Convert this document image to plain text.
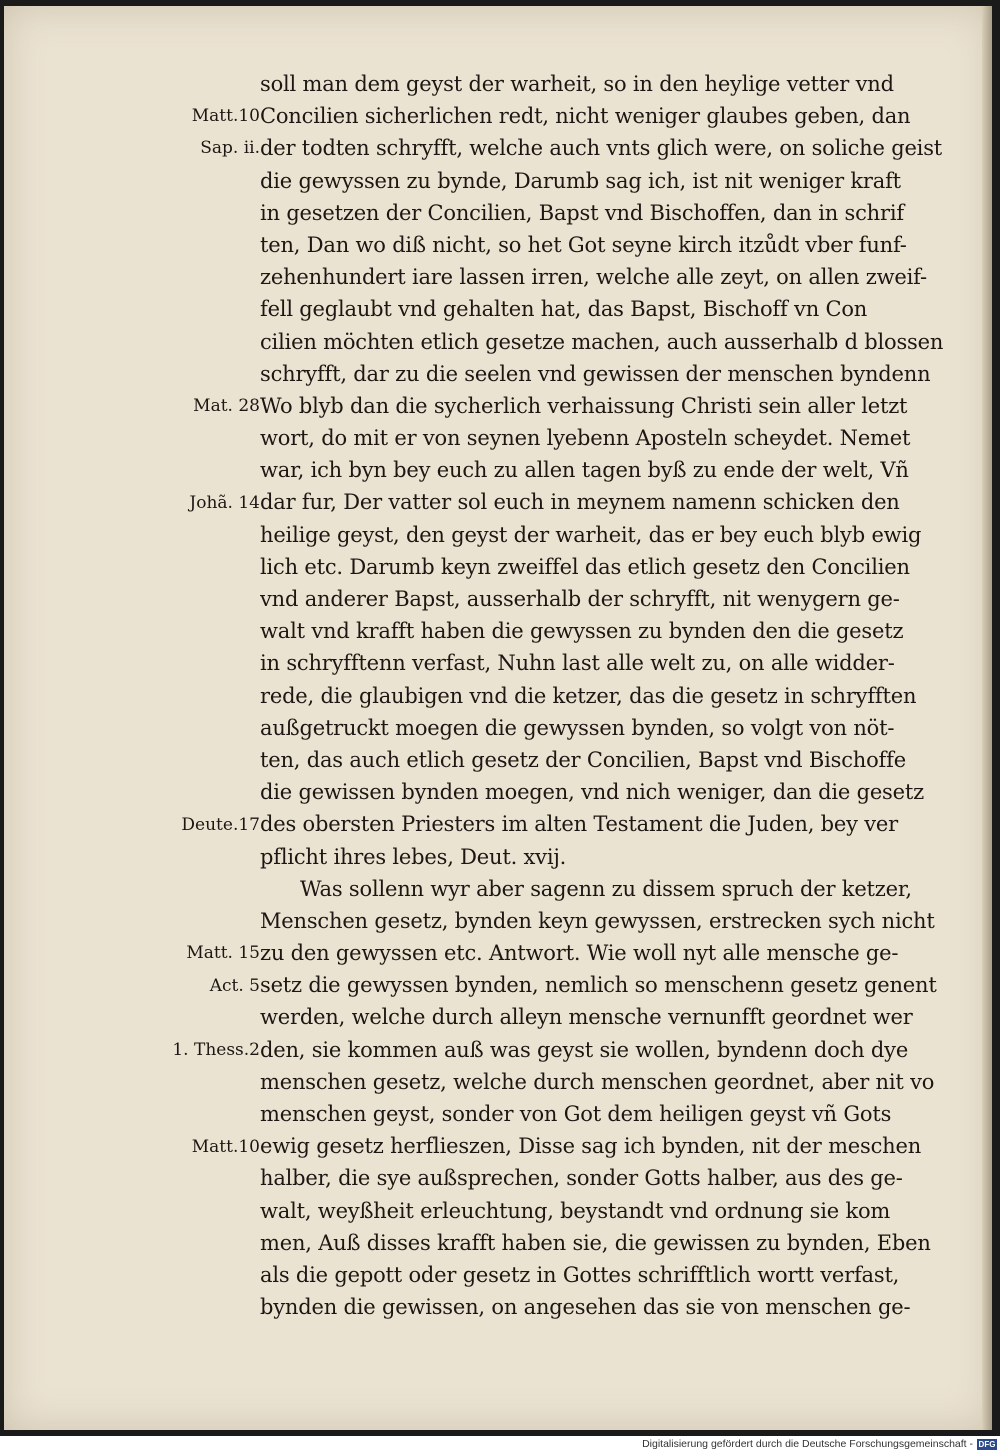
Matt.10
Sap. ii.
Mat. 28
Johã. 14
Deute.17
Matt. 15
Act. 5
1. Thess.2
Matt.10
soll man dem geyst der warheit, so in den heylige vetter vnd
Concilien sicherlichen redt, nicht weniger glaubes geben, dan
der todten schryfft, welche auch vnts glich were, on soliche geist
die gewyssen zu bynde, Darumb sag ich, ist nit weniger kraft
in gesetzen der Concilien, Bapst vnd Bischoffen, dan in schrif
ten, Dan wo diß nicht, so het Got seyne kirch itzůdt vber funf-
zehenhundert iare lassen irren, welche alle zeyt, on allen zweif-
fell geglaubt vnd gehalten hat, das Bapst, Bischoff vn Con
cilien möchten etlich gesetze machen, auch ausserhalb d blossen
schryfft, dar zu die seelen vnd gewissen der menschen byndenn
Wo blyb dan die sycherlich verhaissung Christi sein aller letzt
wort, do mit er von seynen lyebenn Aposteln scheydet. Nemet
war, ich byn bey euch zu allen tagen byß zu ende der welt, Vñ
dar fur, Der vatter sol euch in meynem namenn schicken den
heilige geyst, den geyst der warheit, das er bey euch blyb ewig
lich etc. Darumb keyn zweiffel das etlich gesetz den Concilien
vnd anderer Bapst, ausserhalb der schryfft, nit wenygern ge-
walt vnd krafft haben die gewyssen zu bynden den die gesetz
in schryfftenn verfast, Nuhn last alle welt zu, on alle widder-
rede, die glaubigen vnd die ketzer, das die gesetz in schryfften
außgetruckt moegen die gewyssen bynden, so volgt von nöt-
ten, das auch etlich gesetz der Concilien, Bapst vnd Bischoffe
die gewissen bynden moegen, vnd nich weniger, dan die gesetz
des obersten Priesters im alten Testament die Juden, bey ver
pflicht ihres lebes, Deut. xvij.
Was sollenn wyr aber sagenn zu dissem spruch der ketzer,
Menschen gesetz, bynden keyn gewyssen, erstrecken sych nicht
zu den gewyssen etc. Antwort. Wie woll nyt alle mensche ge-
setz die gewyssen bynden, nemlich so menschenn gesetz genent
werden, welche durch alleyn mensche vernunfft geordnet wer
den, sie kommen auß was geyst sie wollen, byndenn doch dye
menschen gesetz, welche durch menschen geordnet, aber nit vo
menschen geyst, sonder von Got dem heiligen geyst vñ Gots
ewig gesetz herflieszen, Disse sag ich bynden, nit der meschen
halber, die sye außsprechen, sonder Gotts halber, aus des ge-
walt, weyßheit erleuchtung, beystandt vnd ordnung sie kom
men, Auß disses krafft haben sie, die gewissen zu bynden, Eben
als die gepott oder gesetz in Gottes schrifftlich wortt verfast,
bynden die gewissen, on angesehen das sie von menschen ge-
Digitalisierung gefördert durch die Deutsche Forschungsgemeinschaft - DFG
